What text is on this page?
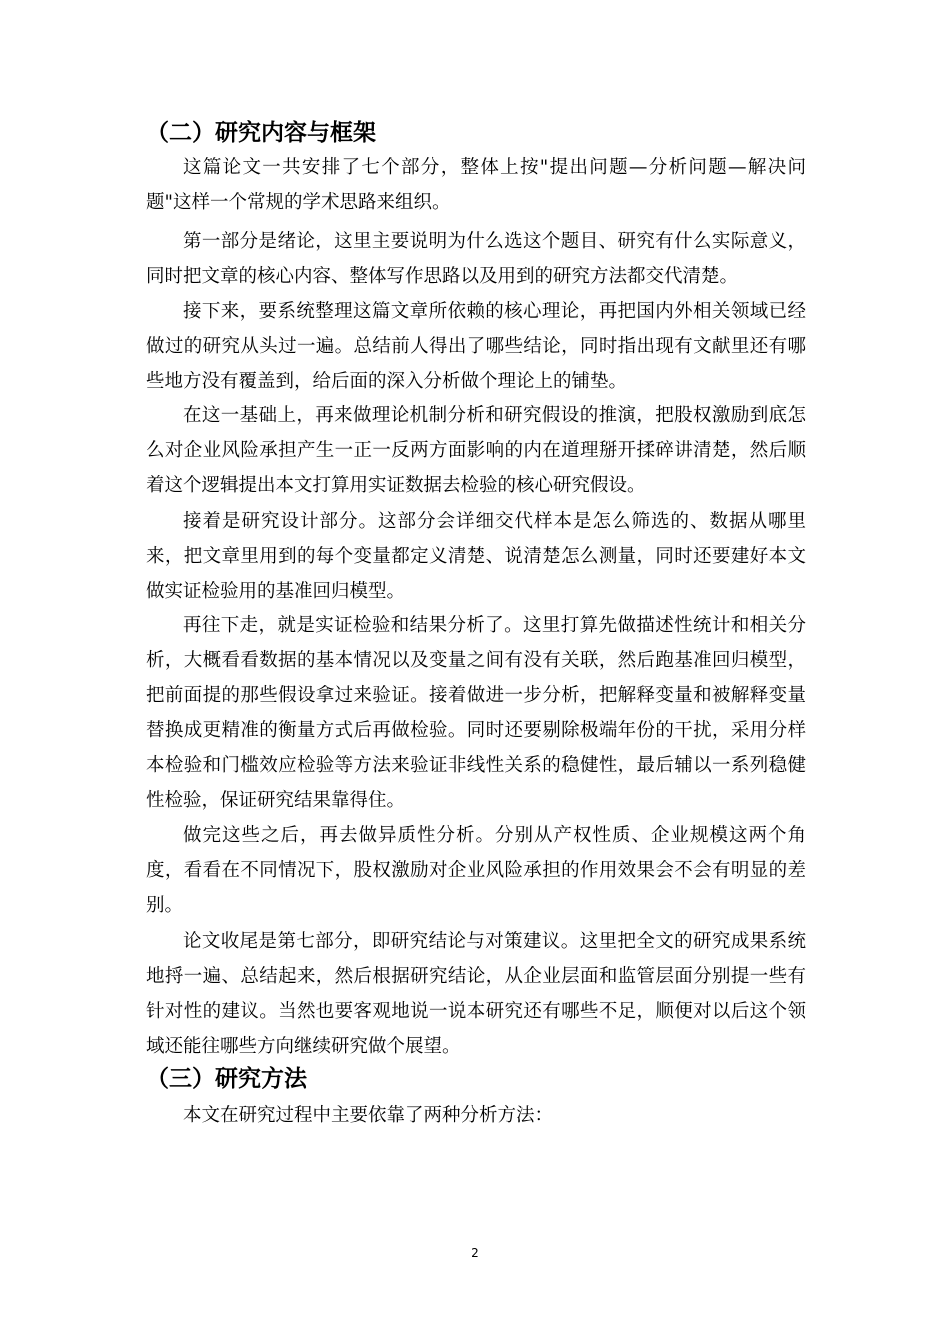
（二）研究内容与框架

这篇论文一共安排了七个部分，整体上按"提出问题—分析问题—解决问题"这样一个常规的学术思路来组织。

第一部分是绪论，这里主要说明为什么选这个题目、研究有什么实际意义，同时把文章的核心内容、整体写作思路以及用到的研究方法都交代清楚。

接下来，要系统整理这篇文章所依赖的核心理论，再把国内外相关领域已经做过的研究从头过一遍。总结前人得出了哪些结论，同时指出现有文献里还有哪些地方没有覆盖到，给后面的深入分析做个理论上的铺垫。

在这一基础上，再来做理论机制分析和研究假设的推演，把股权激励到底怎么对企业风险承担产生一正一反两方面影响的内在道理掰开揉碎讲清楚，然后顺着这个逻辑提出本文打算用实证数据去检验的核心研究假设。

接着是研究设计部分。这部分会详细交代样本是怎么筛选的、数据从哪里来，把文章里用到的每个变量都定义清楚、说清楚怎么测量，同时还要建好本文做实证检验用的基准回归模型。

再往下走，就是实证检验和结果分析了。这里打算先做描述性统计和相关分析，大概看看数据的基本情况以及变量之间有没有关联，然后跑基准回归模型，把前面提的那些假设拿过来验证。接着做进一步分析，把解释变量和被解释变量替换成更精准的衡量方式后再做检验。同时还要剔除极端年份的干扰，采用分样本检验和门槛效应检验等方法来验证非线性关系的稳健性，最后辅以一系列稳健性检验，保证研究结果靠得住。

做完这些之后，再去做异质性分析。分别从产权性质、企业规模这两个角度，看看在不同情况下，股权激励对企业风险承担的作用效果会不会有明显的差别。

论文收尾是第七部分，即研究结论与对策建议。这里把全文的研究成果系统地捋一遍、总结起来，然后根据研究结论，从企业层面和监管层面分别提一些有针对性的建议。当然也要客观地说一说本研究还有哪些不足，顺便对以后这个领域还能往哪些方向继续研究做个展望。

（三）研究方法

本文在研究过程中主要依靠了两种分析方法：

2
